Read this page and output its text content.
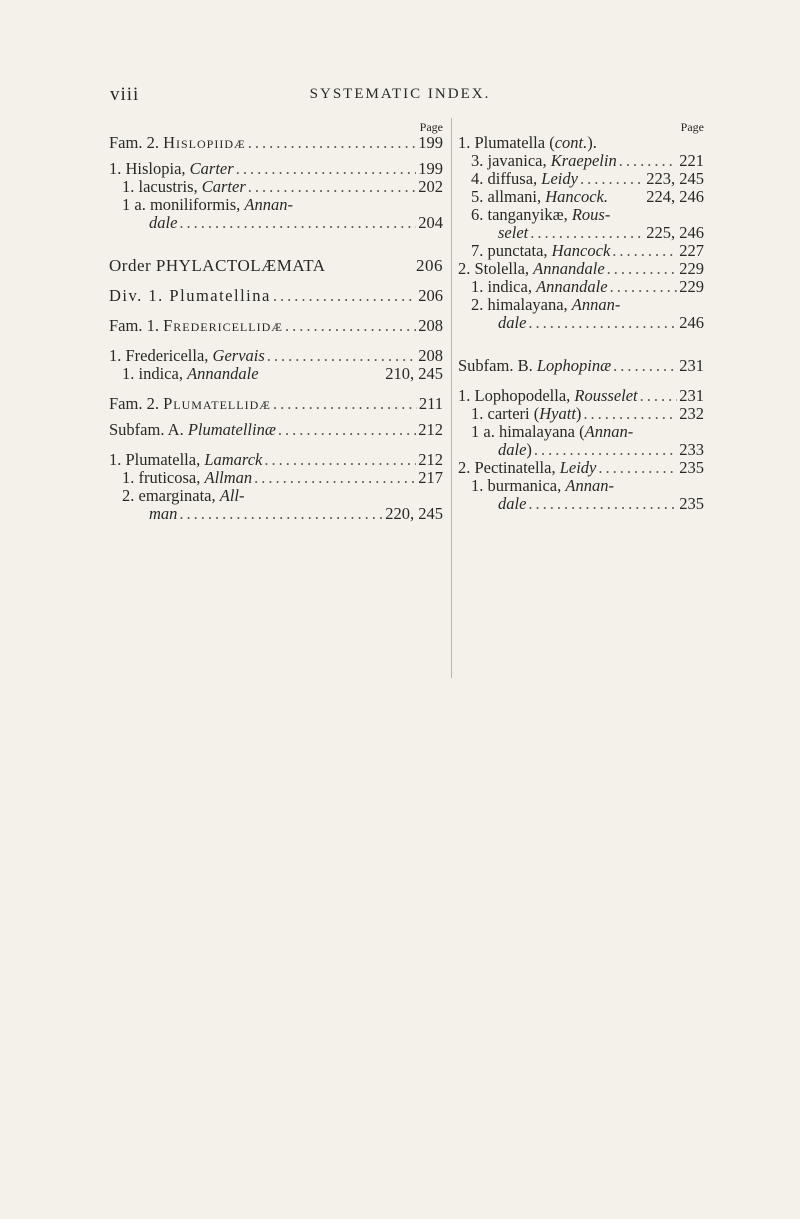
viii	SYSTEMATIC INDEX.
Page
Fam. 2. Hislopiidæ .....	199
1. Hislopia, Carter .....	199
1. lacustris, Carter .....	202
1 a. moniliformis, Annan-
dale .....	204
Order PHYLACTOLÆMATA	206
Div. 1. Plumatellina .....	206
Fam. 1. Fredericellidæ .....	208
1. Fredericella, Gervais .....	208
1. indica, Annandale	210, 245
Fam. 2. Plumatellidæ .....	211
Subfam. A. Plumatellinæ .....	212
1. Plumatella, Lamarck .....	212
1. fruticosa, Allman .....	217
2. emarginata, All-
man .....	220, 245
Page
1. Plumatella (cont.).
3. javanica, Kraepelin .....	221
4. diffusa, Leidy .....	223, 245
5. allmani, Hancock. 224, 246
6. tanganyikæ, Rous-
selet .....	225, 246
7. punctata, Hancock .....	227
2. Stolella, Annandale .....	229
1. indica, Annandale .....	229
2. himalayana, Annan-
dale .....	246
Subfam. B. Lophopinæ .....	231
1. Lophopodella, Rousselet .....	231
1. carteri (Hyatt) .....	232
1 a. himalayana (Annan-
dale) .....	233
2. Pectinatella, Leidy .....	235
1. burmanica, Annan-
dale .....	235
